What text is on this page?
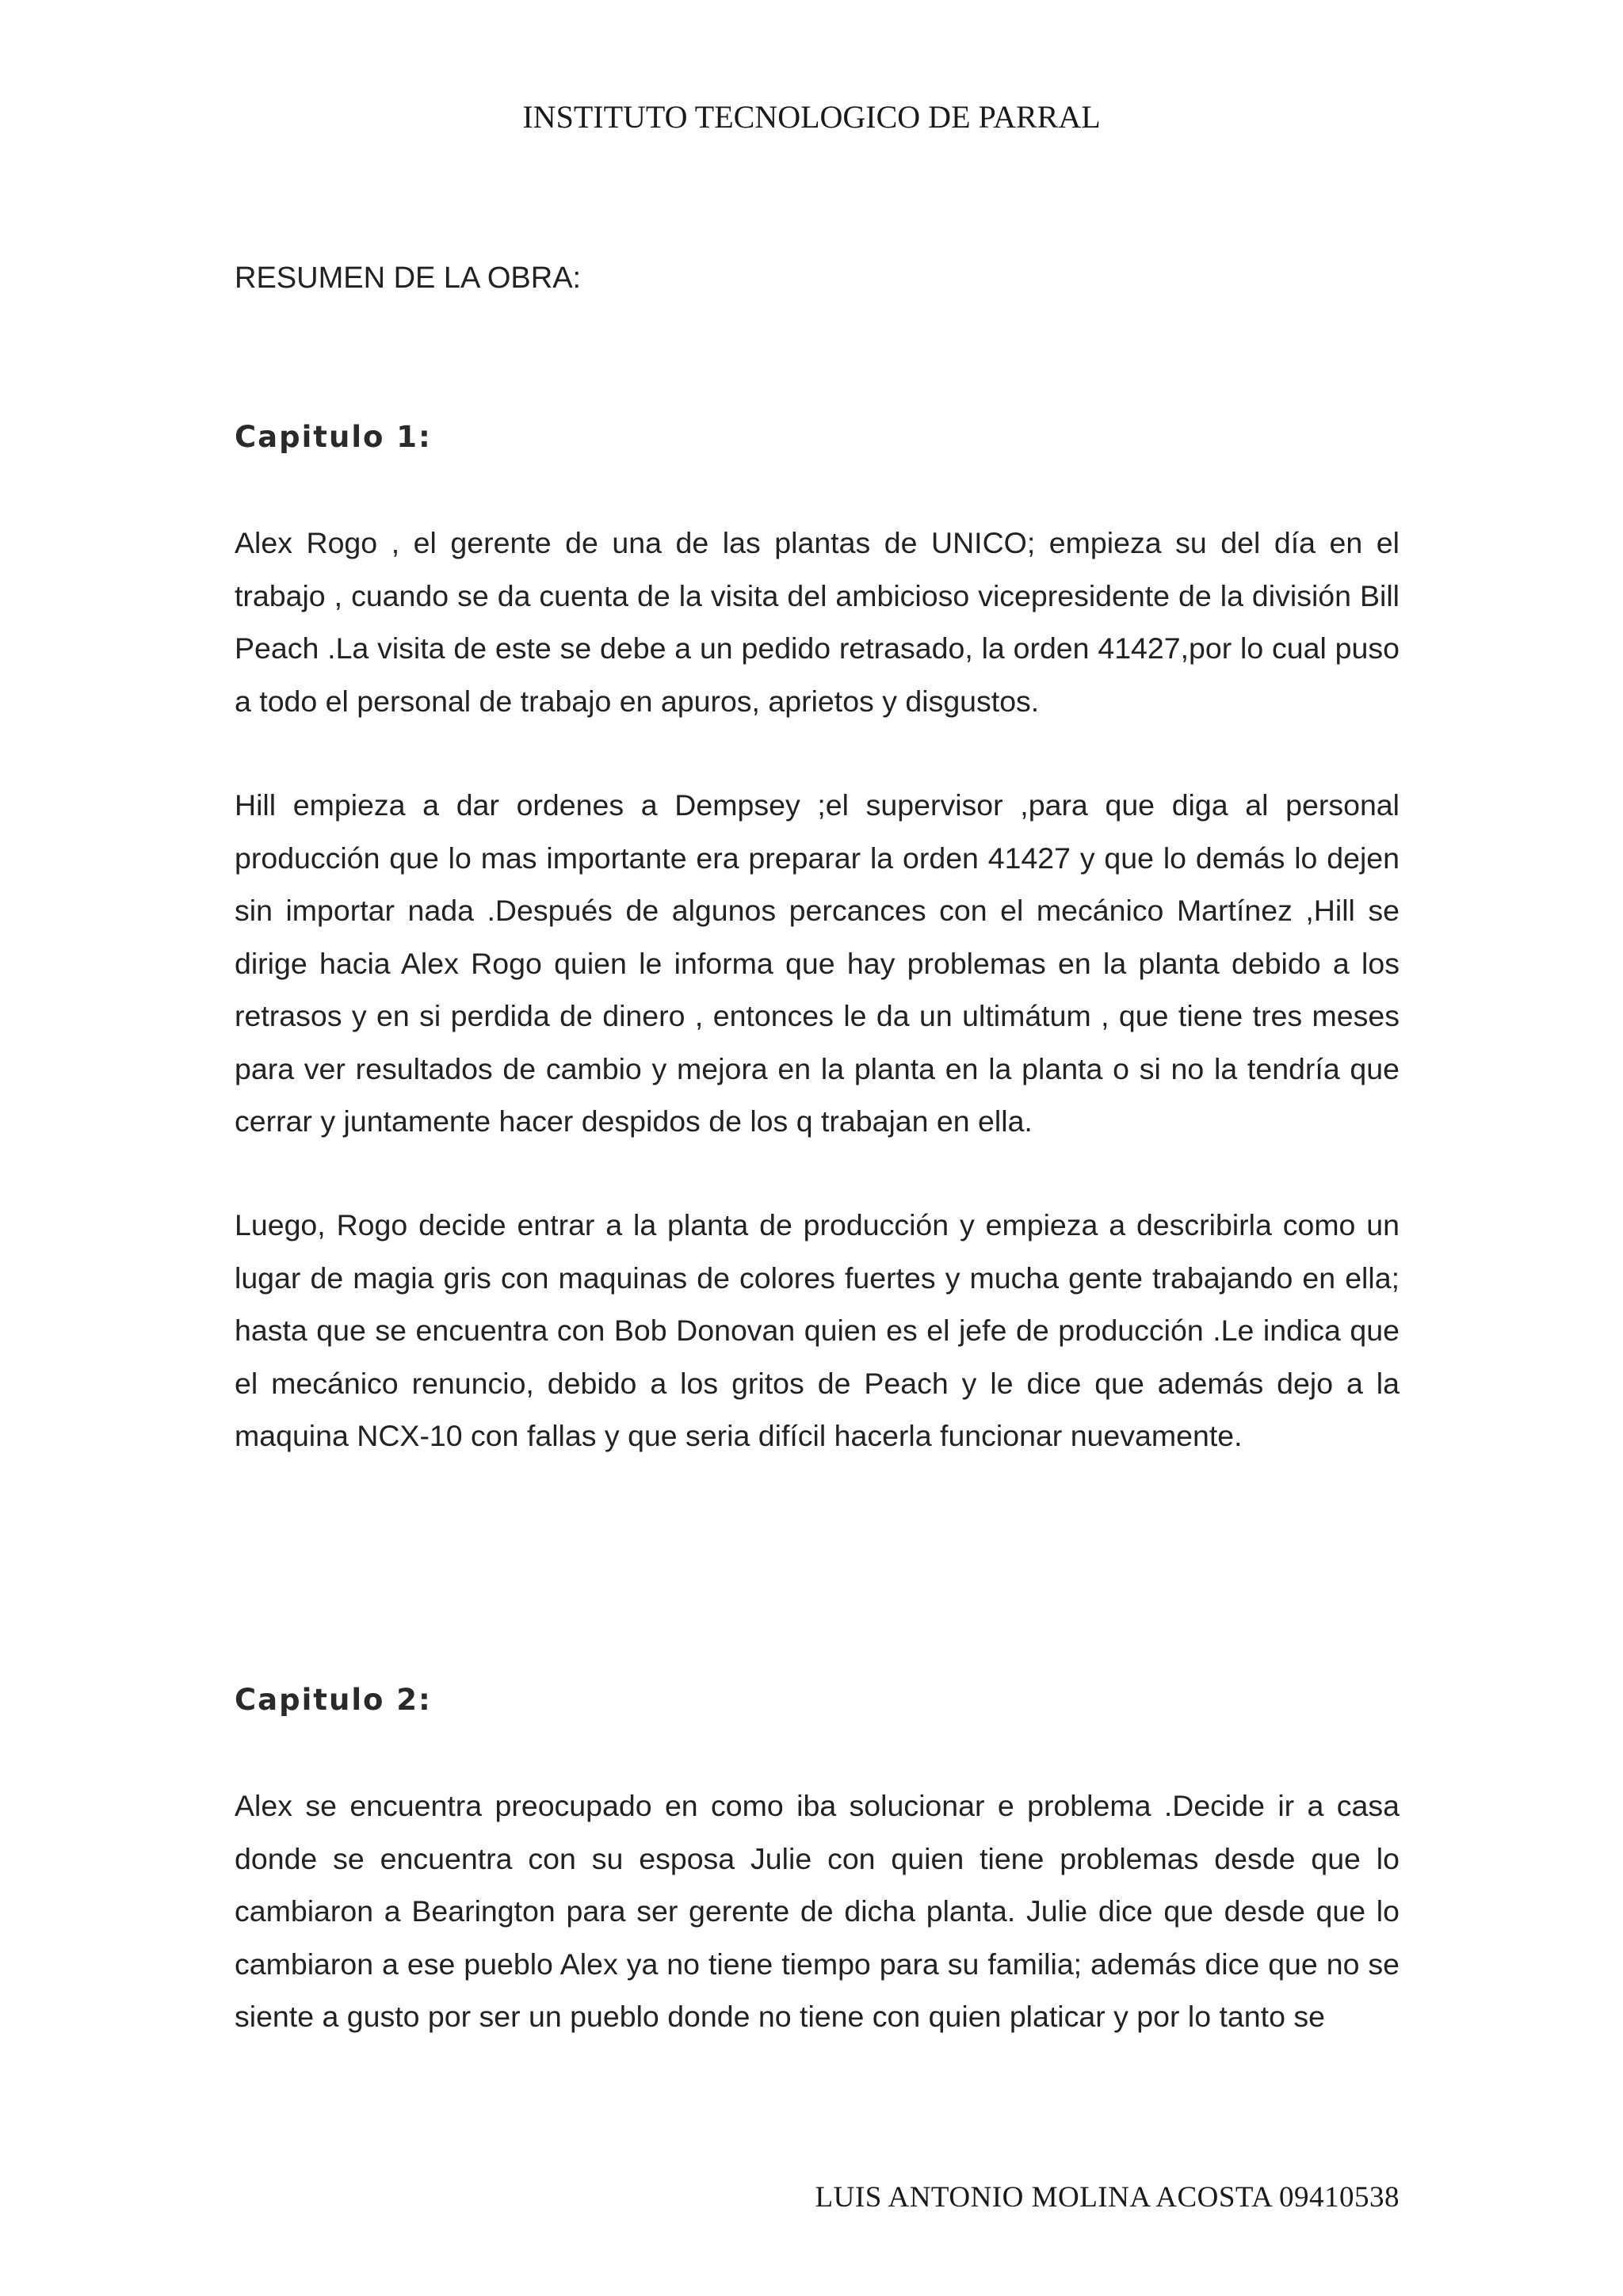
INSTITUTO TECNOLOGICO DE PARRAL
RESUMEN DE LA OBRA:
Capitulo 1:

Alex Rogo , el gerente de una de las plantas de UNICO; empieza su del día en el trabajo , cuando se da cuenta de la visita del ambicioso vicepresidente de la división Bill Peach .La visita de este se debe a un pedido retrasado, la orden 41427,por lo cual puso a todo el personal de trabajo en apuros, aprietos y disgustos.

Hill empieza a dar ordenes a Dempsey ;el supervisor ,para que diga al personal producción que lo mas importante era preparar la orden 41427 y que lo demás lo dejen sin importar nada .Después de algunos percances con el mecánico Martínez ,Hill se dirige hacia Alex Rogo quien le informa que hay problemas en la planta debido a los retrasos y en si perdida de dinero , entonces le da un ultimátum , que tiene tres meses para ver resultados de cambio y mejora en la planta en la planta o si no la tendría que cerrar y juntamente hacer despidos de los q trabajan en ella.

Luego, Rogo decide entrar a la planta de producción y empieza a describirla como un lugar de magia gris con maquinas de colores fuertes y mucha gente trabajando en ella; hasta que se encuentra con Bob Donovan quien es el jefe de producción .Le indica que el mecánico renuncio, debido a los gritos de Peach y le dice que además dejo a la maquina NCX-10 con fallas y que seria difícil hacerla funcionar nuevamente.

Capitulo 2:

Alex se encuentra preocupado en como iba solucionar e problema .Decide ir a casa donde se encuentra con su esposa Julie con quien tiene problemas desde que lo cambiaron a Bearington para ser gerente de dicha planta. Julie dice que desde que lo cambiaron a ese pueblo Alex ya no tiene tiempo para su familia; además dice que no se siente a gusto por ser un pueblo donde no tiene con quien platicar y por lo tanto se

LUIS ANTONIO MOLINA ACOSTA 09410538
